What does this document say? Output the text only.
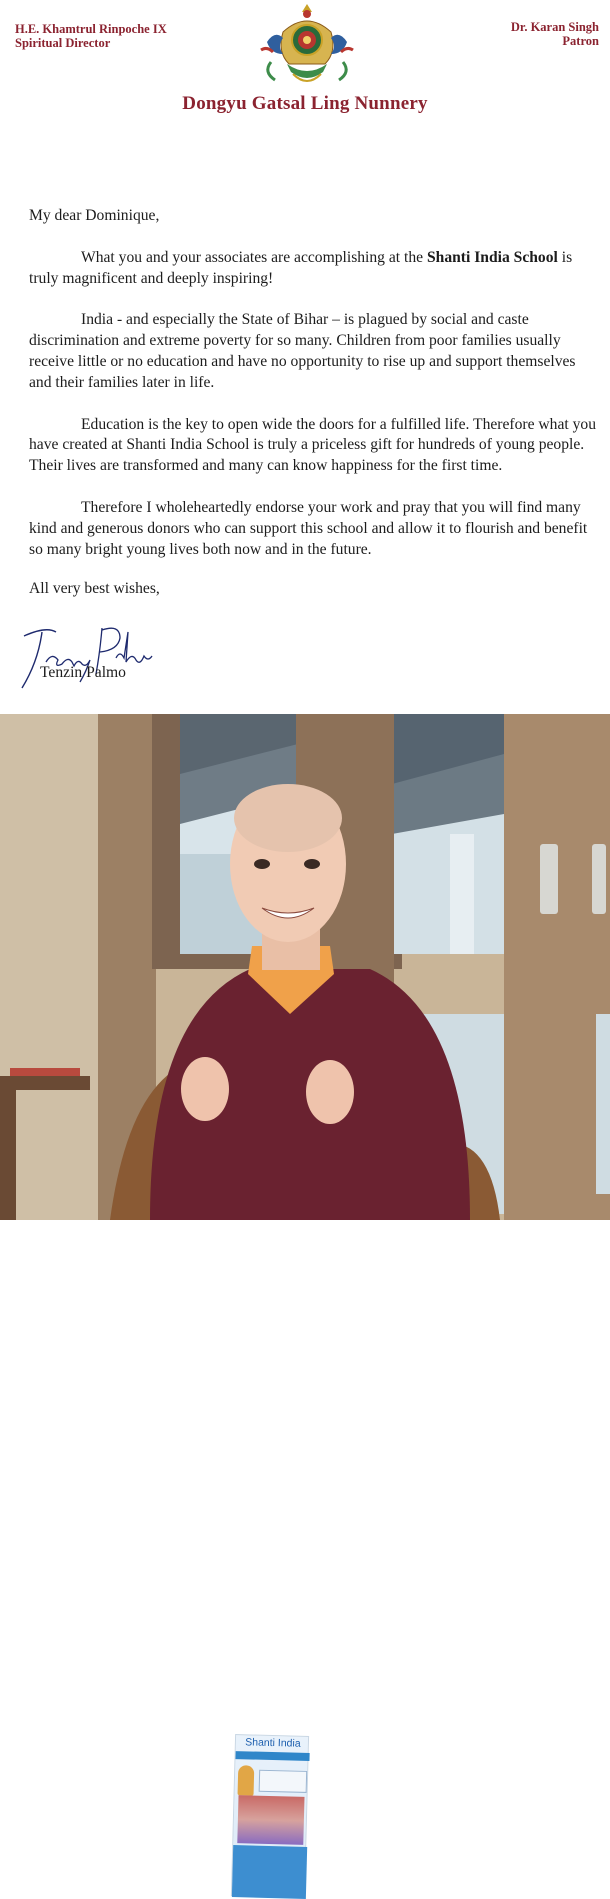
H.E. Khamtrul Rinpoche IX
Spiritual Director
Dr. Karan Singh
Patron
Dongyu Gatsal Ling Nunnery

My dear Dominique,

What you and your associates are accomplishing at the Shanti India School is truly magnificent and deeply inspiring!

India - and especially the State of Bihar – is plagued by social and caste discrimination and extreme poverty for so many. Children from poor families usually receive little or no education and have no opportunity to rise up and support themselves and their families later in life.

Education is the key to open wide the doors for a fulfilled life. Therefore what you have created at Shanti India School is truly a priceless gift for hundreds of young people. Their lives are transformed and many can know happiness for the first time.

Therefore I wholeheartedly endorse your work and pray that you will find many kind and generous donors who can support this school and allow it to flourish and benefit so many bright young lives both now and in the future.

All very best wishes,

Tenzin Palmo
Shanti India
